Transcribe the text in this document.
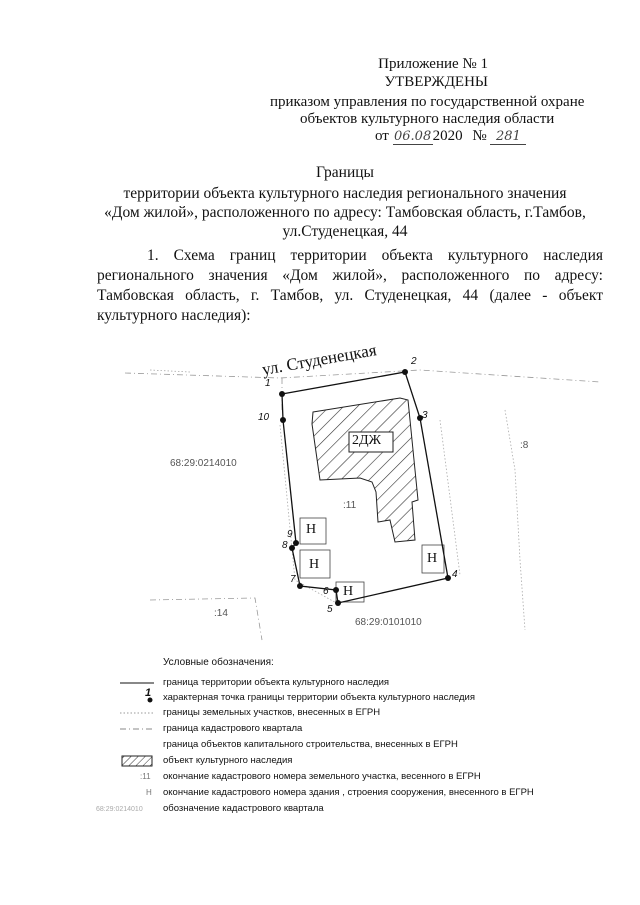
Приложение № 1
УТВЕРЖДЕНЫ
приказом управления по государственной охране
объектов культурного наследия области
от 06.082020 № 281
Границы
территории объекта культурного наследия регионального значения
«Дом жилой», расположенного по адресу: Тамбовская область, г.Тамбов,
ул.Студенецкая, 44
1. Схема границ территории объекта культурного наследия
регионального значения «Дом жилой», расположенного по адресу:
Тамбовская область, г. Тамбов, ул. Студенецкая, 44 (далее - объект
культурного наследия):
ул. Студенецкая
68:29:0214010
68:29:0101010
:11
:8
:14
2ДЖ
Н
Н
Н
Н
1
2
3
4
5
6
7
8
9
10
Условные обозначения:
граница территории объекта культурного наследия
1 характерная точка границы территории объекта культурного наследия
границы земельных участков, внесенных в ЕГРН
граница кадастрового квартала
граница объектов капитального строительства, внесенных в ЕГРН
объект культурного наследия
:11 окончание кадастрового номера земельного участка, весенного в ЕГРН
Н окончание кадастрового номера здания , строения сооружения, внесенного в ЕГРН
68:29:0214010 обозначение кадастрового квартала
